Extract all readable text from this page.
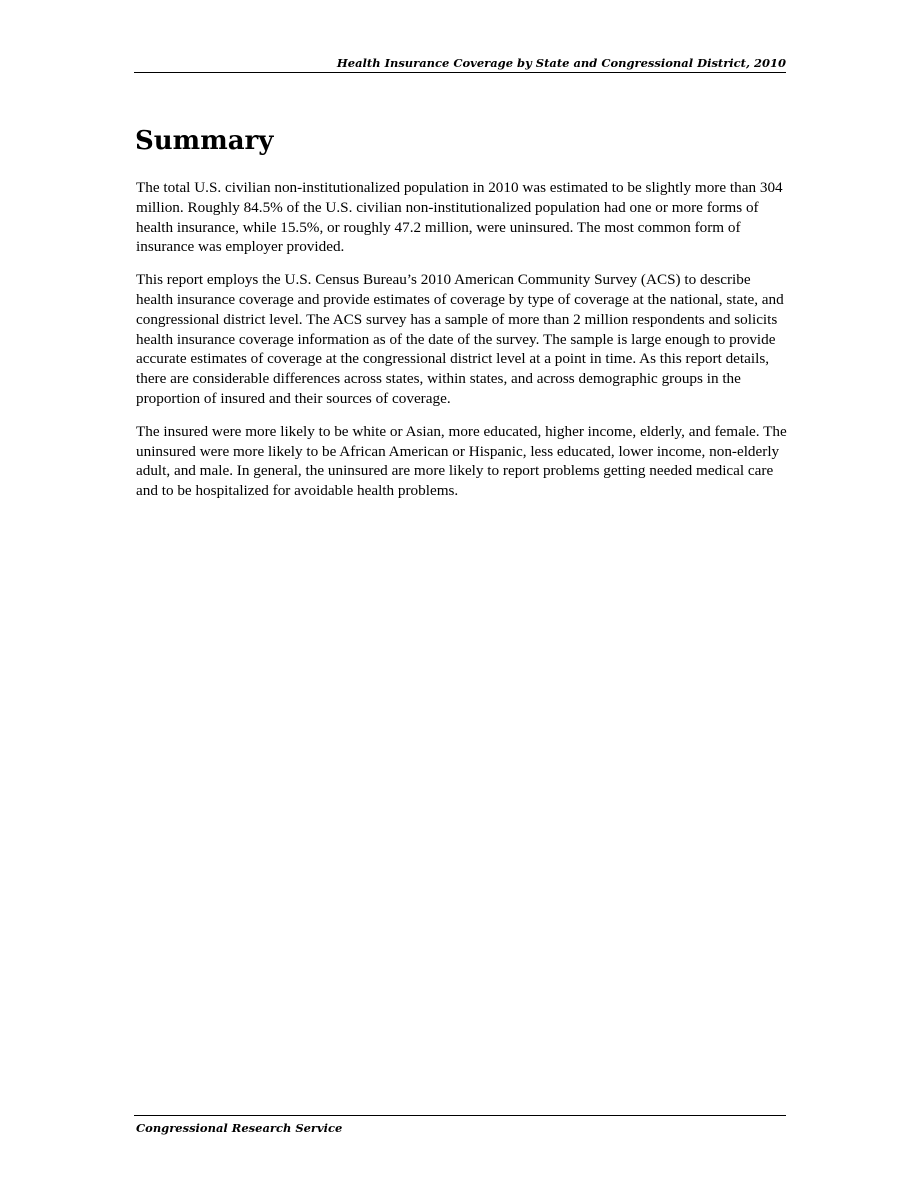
Health Insurance Coverage by State and Congressional District, 2010
Summary

The total U.S. civilian non-institutionalized population in 2010 was estimated to be slightly more than 304 million. Roughly 84.5% of the U.S. civilian non-institutionalized population had one or more forms of health insurance, while 15.5%, or roughly 47.2 million, were uninsured. The most common form of insurance was employer provided.

This report employs the U.S. Census Bureau’s 2010 American Community Survey (ACS) to describe health insurance coverage and provide estimates of coverage by type of coverage at the national, state, and congressional district level. The ACS survey has a sample of more than 2 million respondents and solicits health insurance coverage information as of the date of the survey. The sample is large enough to provide accurate estimates of coverage at the congressional district level at a point in time. As this report details, there are considerable differences across states, within states, and across demographic groups in the proportion of insured and their sources of coverage.

The insured were more likely to be white or Asian, more educated, higher income, elderly, and female. The uninsured were more likely to be African American or Hispanic, less educated, lower income, non-elderly adult, and male. In general, the uninsured are more likely to report problems getting needed medical care and to be hospitalized for avoidable health problems.

Congressional Research Service
